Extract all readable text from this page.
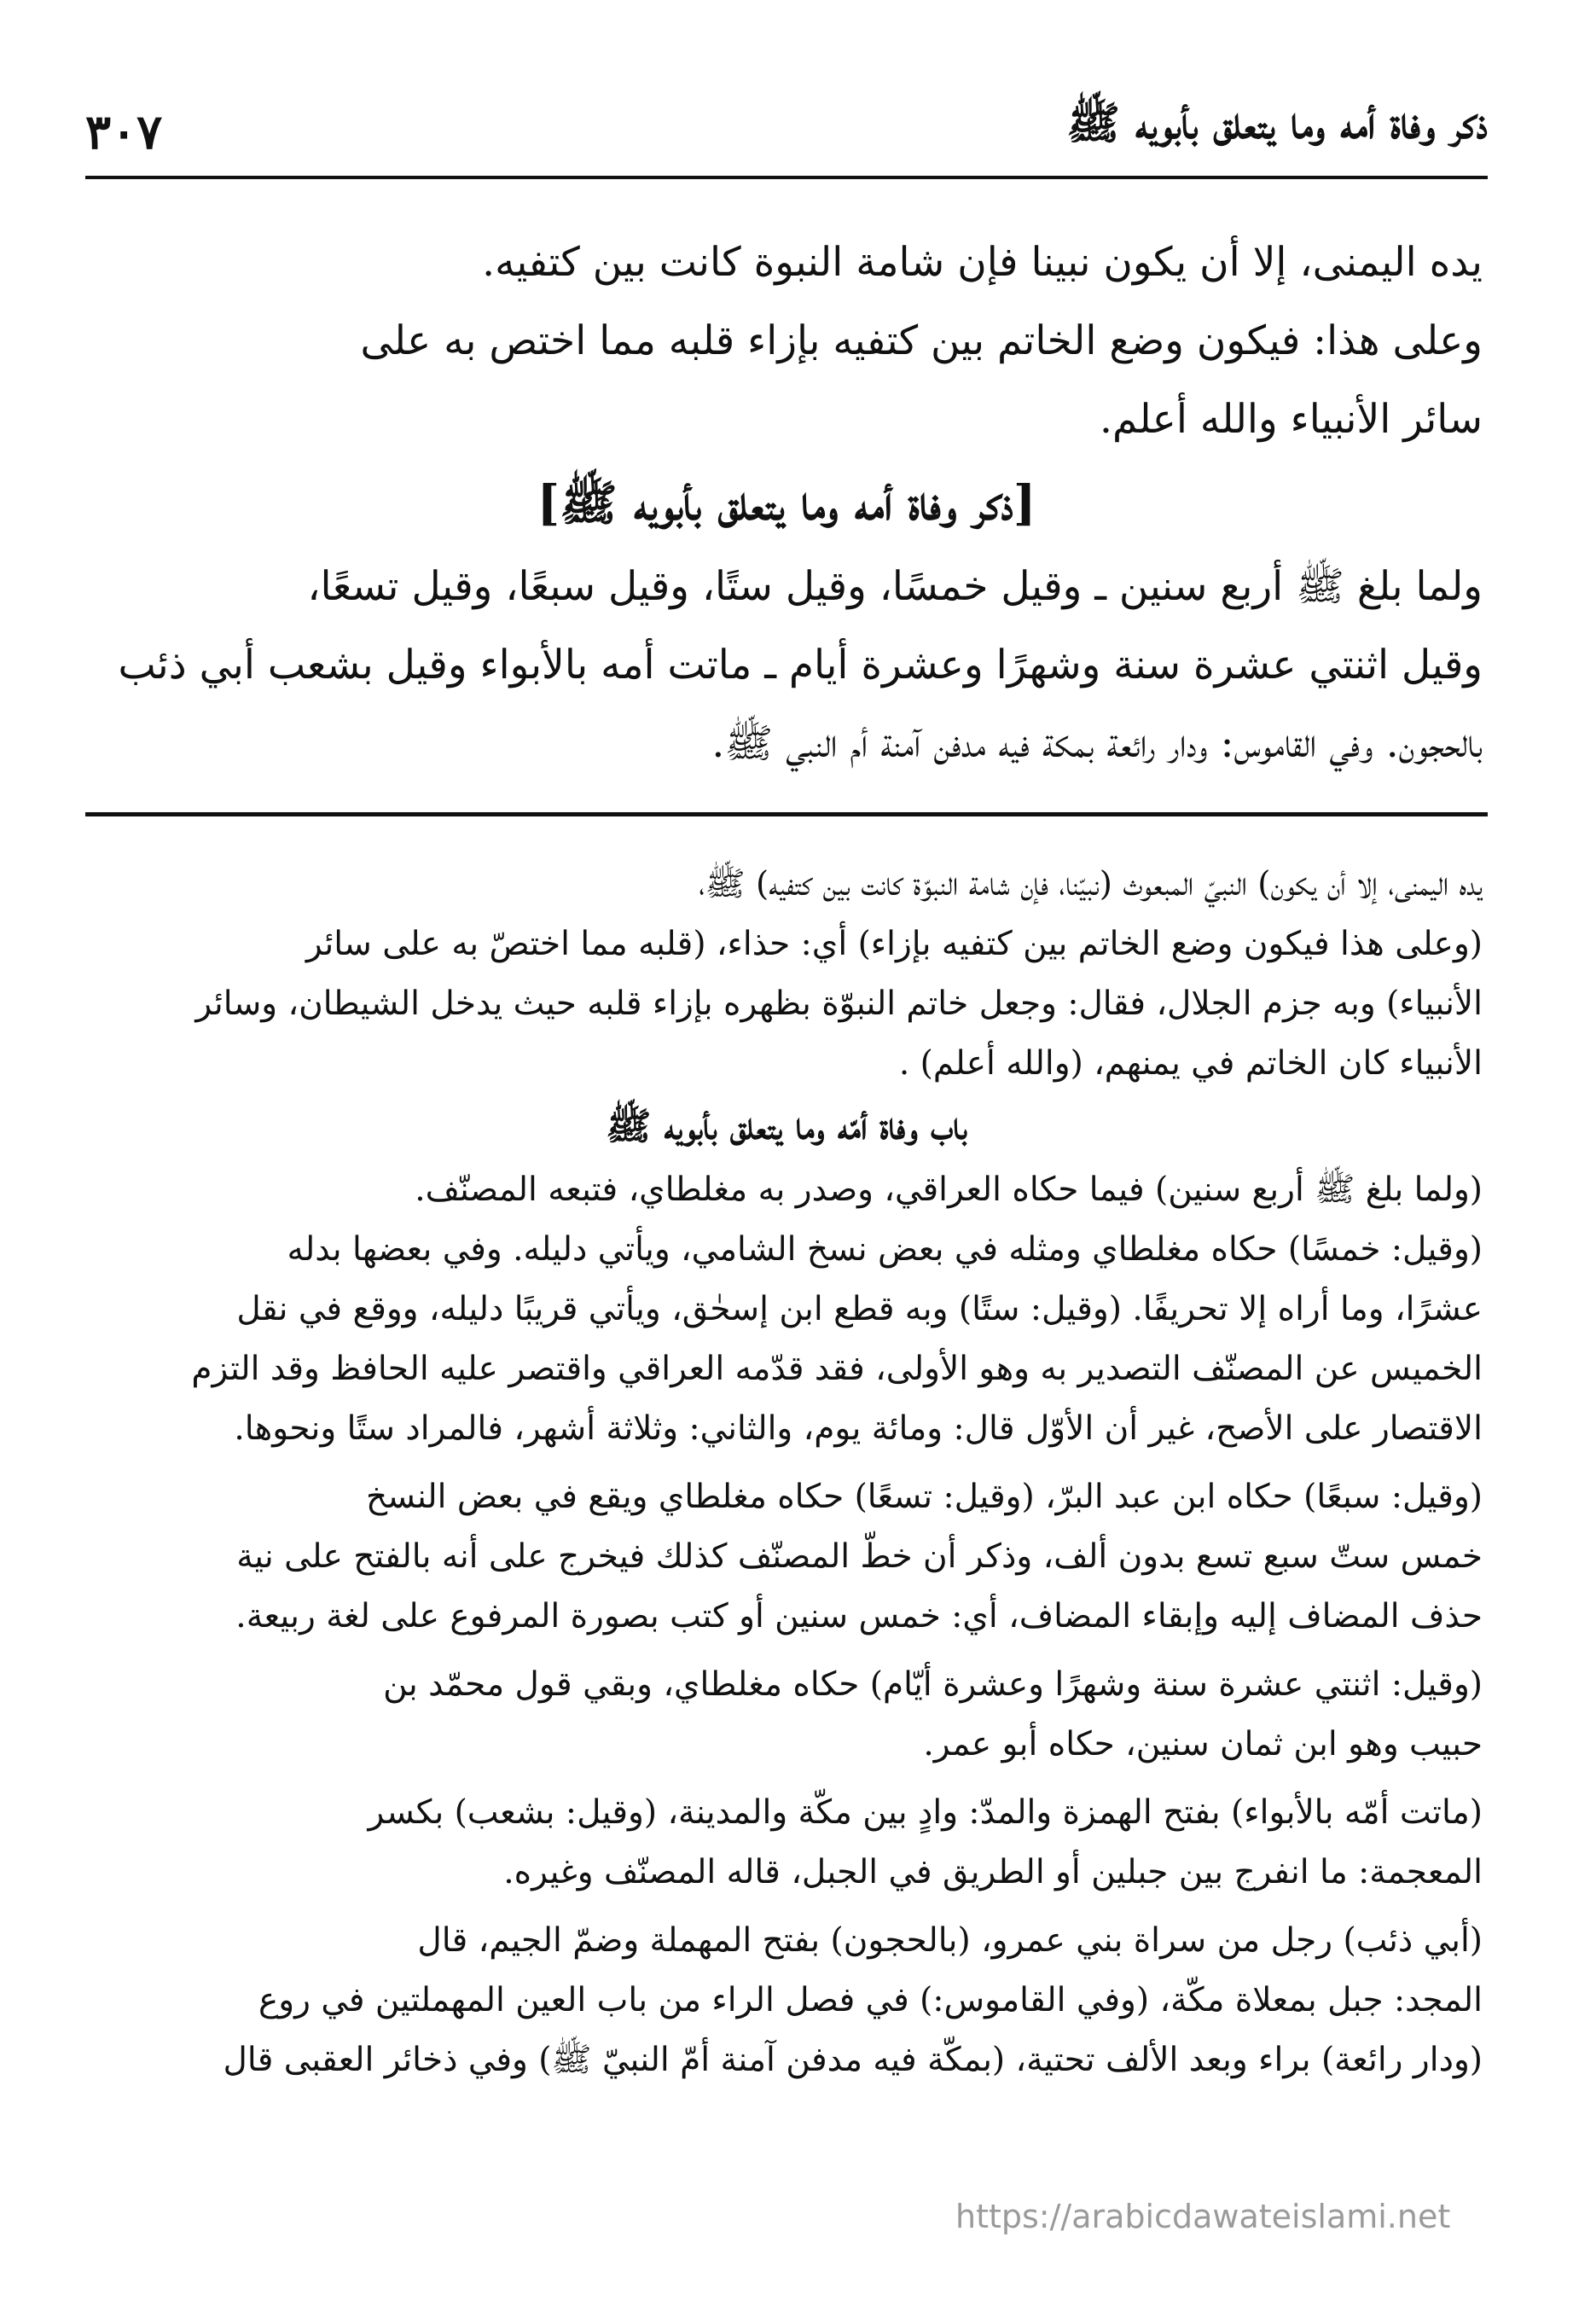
ذكر وفاة أمه وما يتعلق بأبويه ﷺ
٣٠٧
يده اليمنى، إلا أن يكون نبينا فإن شامة النبوة كانت بين كتفيه.
وعلى هذا: فيكون وضع الخاتم بين كتفيه بإزاء قلبه مما اختص به على
سائر الأنبياء والله أعلم.
[ذكر وفاة أمه وما يتعلق بأبويه ﷺ]
ولما بلغ ﷺ أربع سنين ـ وقيل خمسًا، وقيل ستًا، وقيل سبعًا، وقيل تسعًا،
وقيل اثنتي عشرة سنة وشهرًا وعشرة أيام ـ ماتت أمه بالأبواء وقيل بشعب أبي ذئب
بالحجون. وفي القاموس: ودار رائعة بمكة فيه مدفن آمنة أم النبي ﷺ.
يده اليمنى، إلا أن يكون) النبيّ المبعوث (نبيّنا، فإن شامة النبوّة كانت بين كتفيه) ﷺ،
(وعلى هذا فيكون وضع الخاتم بين كتفيه بإزاء) أي: حذاء، (قلبه مما اختصّ به على سائر
الأنبياء) وبه جزم الجلال، فقال: وجعل خاتم النبوّة بظهره بإزاء قلبه حيث يدخل الشيطان، وسائر
الأنبياء كان الخاتم في يمنهم، (والله أعلم) .
باب وفاة أمّه وما يتعلق بأبويه ﷺ
(ولما بلغ ﷺ أربع سنين) فيما حكاه العراقي، وصدر به مغلطاي، فتبعه المصنّف.
(وقيل: خمسًا) حكاه مغلطاي ومثله في بعض نسخ الشامي، ويأتي دليله. وفي بعضها بدله
عشرًا، وما أراه إلا تحريفًا. (وقيل: ستًا) وبه قطع ابن إسحٰق، ويأتي قريبًا دليله، ووقع في نقل
الخميس عن المصنّف التصدير به وهو الأولى، فقد قدّمه العراقي واقتصر عليه الحافظ وقد التزم
الاقتصار على الأصح، غير أن الأوّل قال: ومائة يوم، والثاني: وثلاثة أشهر، فالمراد ستًا ونحوها.
(وقيل: سبعًا) حكاه ابن عبد البرّ، (وقيل: تسعًا) حكاه مغلطاي ويقع في بعض النسخ
خمس ستّ سبع تسع بدون ألف، وذكر أن خطّ المصنّف كذلك فيخرج على أنه بالفتح على نية
حذف المضاف إليه وإبقاء المضاف، أي: خمس سنين أو كتب بصورة المرفوع على لغة ربيعة.
(وقيل: اثنتي عشرة سنة وشهرًا وعشرة أيّام) حكاه مغلطاي، وبقي قول محمّد بن
حبيب وهو ابن ثمان سنين، حكاه أبو عمر.
(ماتت أمّه بالأبواء) بفتح الهمزة والمدّ: وادٍ بين مكّة والمدينة، (وقيل: بشعب) بكسر
المعجمة: ما انفرج بين جبلين أو الطريق في الجبل، قاله المصنّف وغيره.
(أبي ذئب) رجل من سراة بني عمرو، (بالحجون) بفتح المهملة وضمّ الجيم، قال
المجد: جبل بمعلاة مكّة، (وفي القاموس:) في فصل الراء من باب العين المهملتين في روع
(ودار رائعة) براء وبعد الألف تحتية، (بمكّة فيه مدفن آمنة أمّ النبيّ ﷺ) وفي ذخائر العقبى قال
https://arabicdawateislami.net
